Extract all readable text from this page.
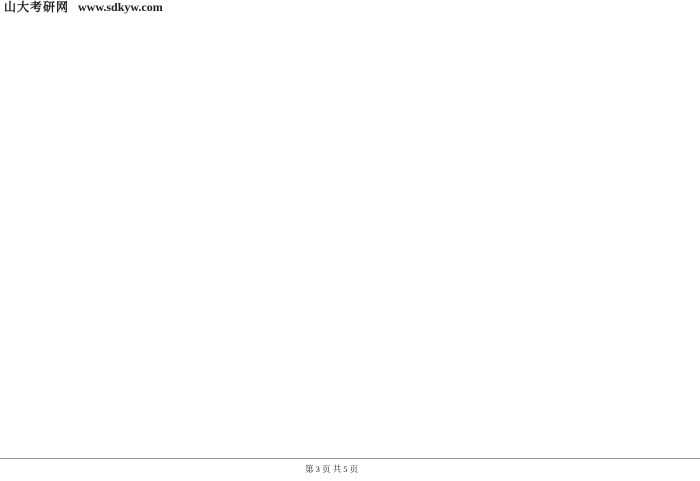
山大考研网 www.sdkyw.com

第 3 页 共 5 页
